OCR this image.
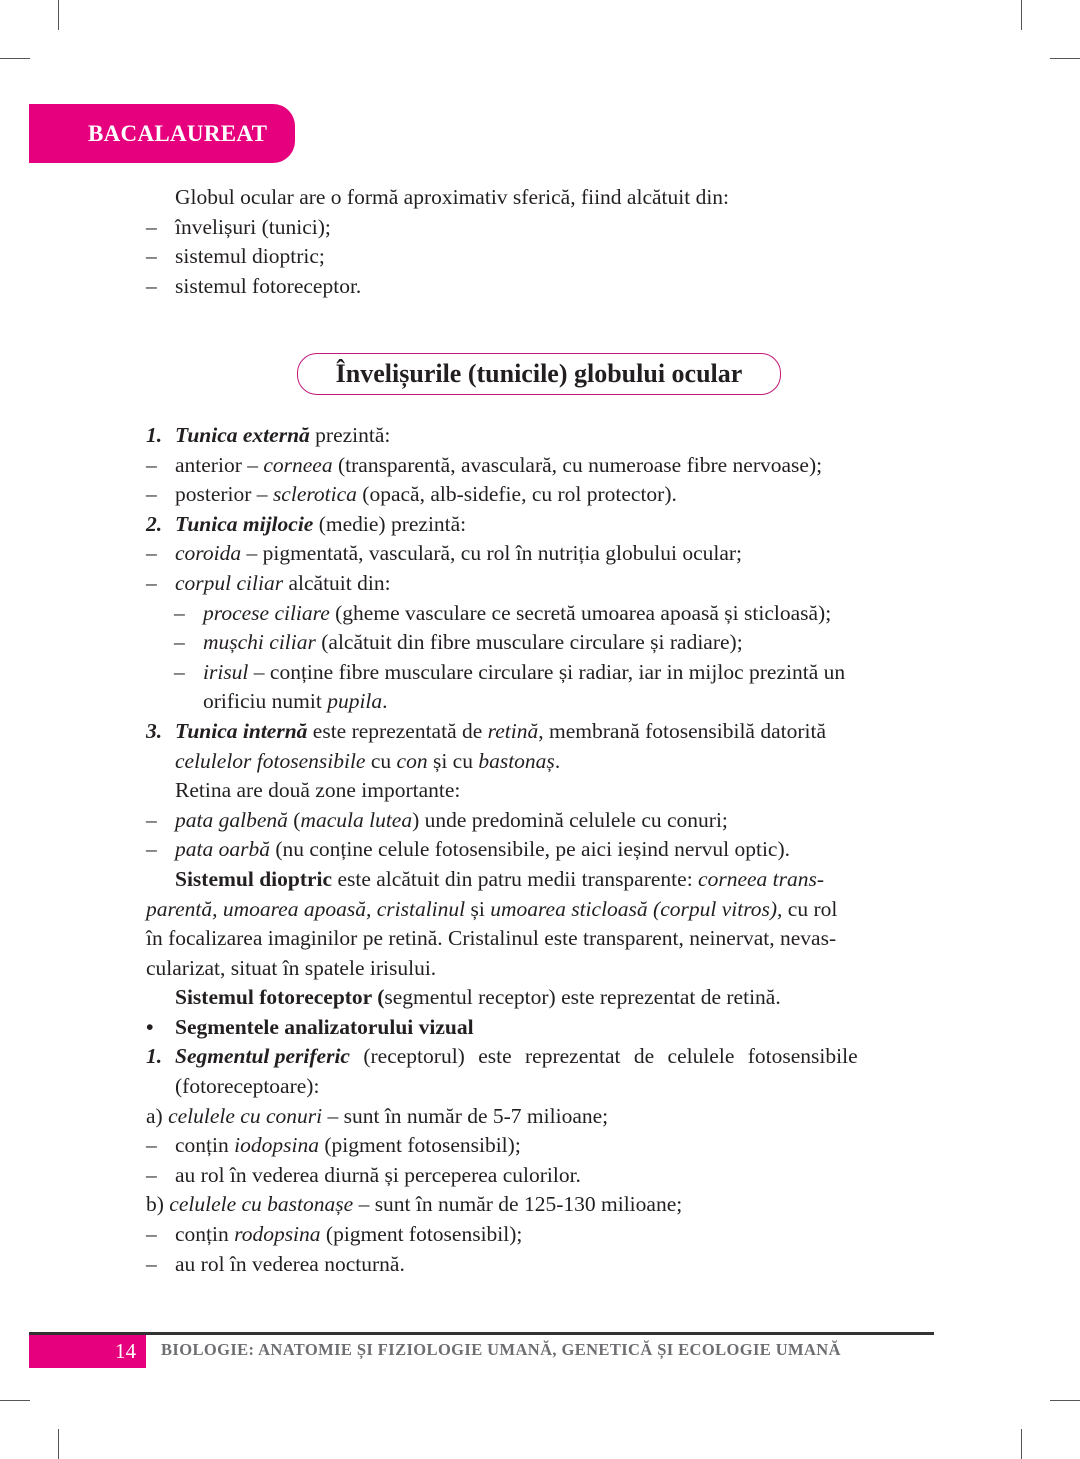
BACALAUREAT
Globul ocular are o formă aproximativ sferică, fiind alcătuit din:
– învelișuri (tunici);
– sistemul dioptric;
– sistemul fotoreceptor.
Învelișurile (tunicile) globului ocular
1. Tunica externă prezintă:
– anterior – corneea (transparentă, avasculară, cu numeroase fibre nervoase);
– posterior – sclerotica (opacă, alb-sidefie, cu rol protector).
2. Tunica mijlocie (medie) prezintă:
– coroida – pigmentată, vasculară, cu rol în nutriția globului ocular;
– corpul ciliar alcătuit din:
– procese ciliare (gheme vasculare ce secretă umoarea apoasă și sticloasă);
– mușchi ciliar (alcătuit din fibre musculare circulare și radiare);
– irisul – conține fibre musculare circulare și radiar, iar in mijloc prezintă un
orificiu numit pupila.
3. Tunica internă este reprezentată de retină, membrană fotosensibilă datorită
celulelor fotosensibile cu con și cu bastonaș.
Retina are două zone importante:
– pata galbenă (macula lutea) unde predomină celulele cu conuri;
– pata oarbă (nu conține celule fotosensibile, pe aici ieșind nervul optic).
Sistemul dioptric este alcătuit din patru medii transparente: corneea trans-
parentă, umoarea apoasă, cristalinul și umoarea sticloasă (corpul vitros), cu rol
în focalizarea imaginilor pe retină. Cristalinul este transparent, neinervat, nevas-
cularizat, situat în spatele irisului.
Sistemul fotoreceptor (segmentul receptor) este reprezentat de retină.
• Segmentele analizatorului vizual
1. Segmentul periferic (receptorul) este reprezentat de celulele fotosensibile
(fotoreceptoare):
a) celulele cu conuri – sunt în număr de 5-7 milioane;
– conțin iodopsina (pigment fotosensibil);
– au rol în vederea diurnă și perceperea culorilor.
b) celulele cu bastonașe – sunt în număr de 125-130 milioane;
– conțin rodopsina (pigment fotosensibil);
– au rol în vederea nocturnă.
14	BIOLOGIE: ANATOMIE ȘI FIZIOLOGIE UMANĂ, GENETICĂ ȘI ECOLOGIE UMANĂ
